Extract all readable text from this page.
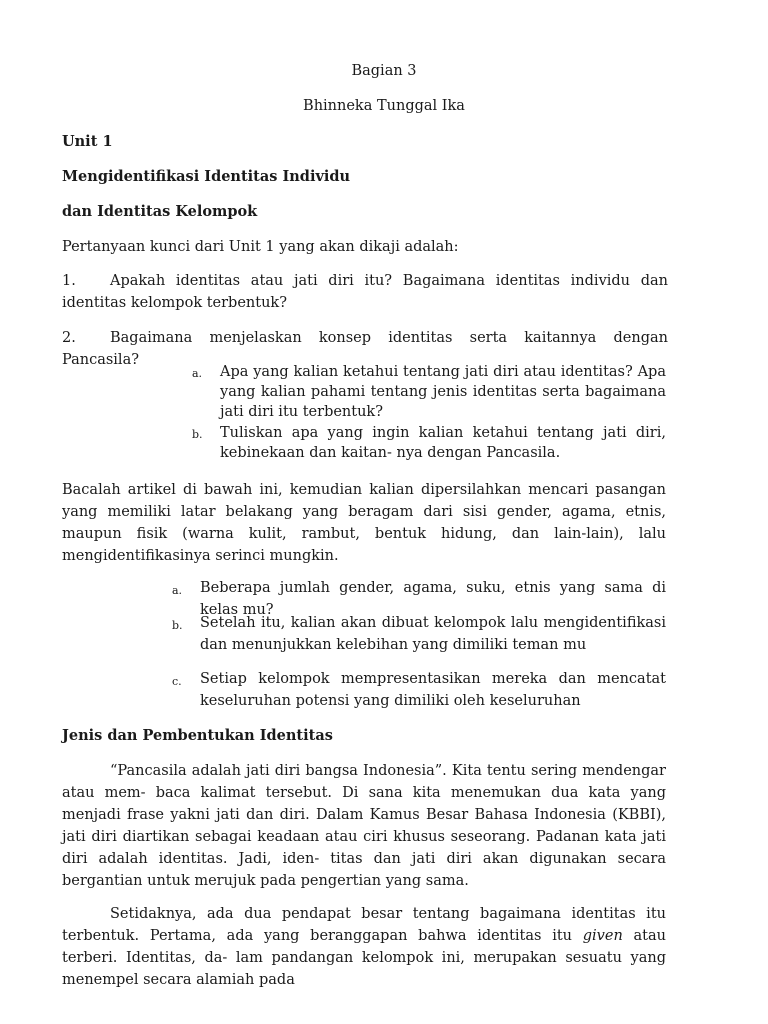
Bagian 3

Bhinneka Tunggal Ika

Unit 1

Mengidentifikasi Identitas Individu

dan Identitas Kelompok

Pertanyaan kunci dari Unit 1 yang akan dikaji adalah:

1.	Apakah identitas atau jati diri itu? Bagaimana identitas individu dan identitas kelompok terbentuk?
2.	Bagaimana menjelaskan konsep identitas serta kaitannya dengan Pancasila?
a. Apa yang kalian ketahui tentang jati diri atau identitas? Apa yang kalian pahami tentang jenis identitas serta bagaimana jati diri itu terbentuk?
b. Tuliskan apa yang ingin kalian ketahui tentang jati diri, kebinekaan dan kaitan- nya dengan Pancasila.

Bacalah artikel di bawah ini, kemudian kalian dipersilahkan mencari pasangan yang memiliki latar belakang yang beragam dari sisi gender, agama, etnis, maupun fisik (warna kulit, rambut, bentuk hidung, dan lain-lain), lalu mengidentifikasinya serinci mungkin.

a. Beberapa jumlah gender, agama, suku, etnis yang sama di kelas mu?
b. Setelah itu, kalian akan dibuat kelompok lalu mengidentifikasi dan menunjukkan kelebihan yang dimiliki teman mu
c. Setiap kelompok mempresentasikan mereka dan mencatat keseluruhan potensi yang dimiliki oleh keseluruhan

Jenis dan Pembentukan Identitas

“Pancasila adalah jati diri bangsa Indonesia”. Kita tentu sering mendengar atau mem- baca kalimat tersebut. Di sana kita menemukan dua kata yang menjadi frase yakni jati dan diri. Dalam Kamus Besar Bahasa Indonesia (KBBI), jati diri diartikan sebagai keadaan atau ciri khusus seseorang. Padanan kata jati diri adalah identitas. Jadi, iden- titas dan jati diri akan digunakan secara bergantian untuk merujuk pada pengertian yang sama.

Setidaknya, ada dua pendapat besar tentang bagaimana identitas itu terbentuk. Pertama, ada yang beranggapan bahwa identitas itu given atau terberi. Identitas, da- lam pandangan kelompok ini, merupakan sesuatu yang menempel secara alamiah pada
